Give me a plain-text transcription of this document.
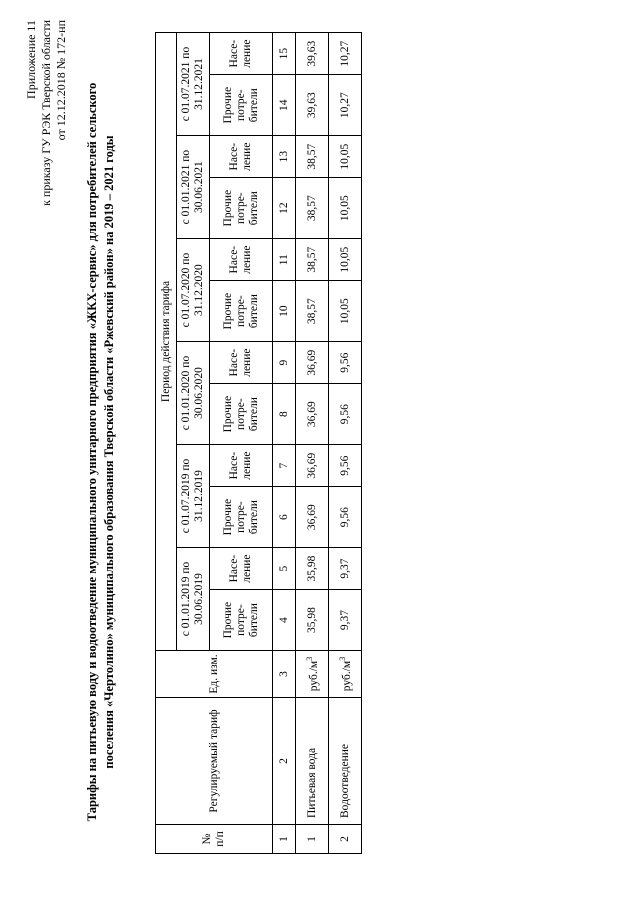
Приложение 11 к приказу ГУ РЭК Тверской области от 12.12.2018 № 172-нп
Тарифы на питьевую воду и водоотведение муниципального унитарного предприятия «ЖКХ-сервис» для потребителей сельского поселения «Чертолино» муниципального образования Тверской области «Ржевский район» на 2019 – 2021 годы
№ п/п	Регулируемый тариф	Ед. изм.	Период действия тарифа											
			с 01.01.2019 по 30.06.2019		с 01.07.2019 по 31.12.2019		с 01.01.2020 по 30.06.2020		с 01.07.2020 по 31.12.2020		с 01.01.2021 по 30.06.2021		с 01.07.2021 по 31.12.2021	
			Прочие потре-бители	Насе-ление	Прочие потре-бители	Насе-ление	Прочие потре-бители	Насе-ление	Прочие потре-бители	Насе-ление	Прочие потре-бители	Насе-ление	Прочие потре-бители	Насе-ление
1	2	3	4	5	6	7	8	9	10	11	12	13	14	15
1	Питьевая вода	$руб./м^3$	35,98	35,98	36,69	36,69	36,69	36,69	38,57	38,57	38,57	38,57	39,63	39,63
2	Водоотведение	$руб./м^3$	9,37	9,37	9,56	9,56	9,56	9,56	10,05	10,05	10,05	10,05	10,27	10,27
